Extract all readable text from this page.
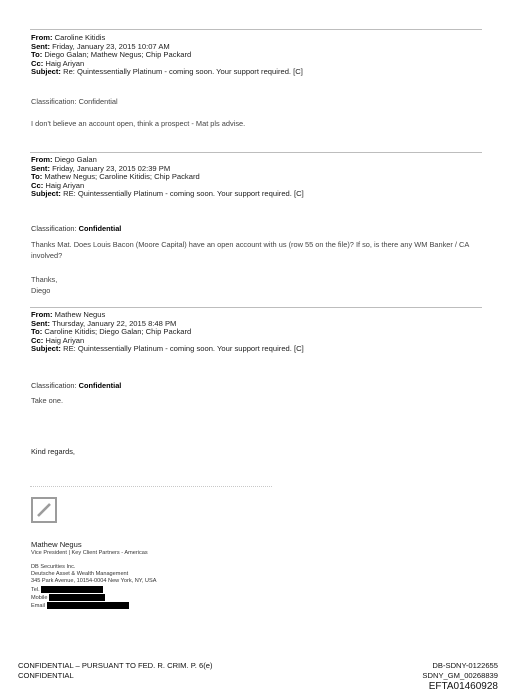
From: Caroline Kitidis
Sent: Friday, January 23, 2015 10:07 AM
To: Diego Galan; Mathew Negus; Chip Packard
Cc: Haig Ariyan
Subject: Re: Quintessentially Platinum - coming soon. Your support required. [C]
Classification: Confidential
I don't believe an account open, think a prospect - Mat pls advise.
From: Diego Galan
Sent: Friday, January 23, 2015 02:39 PM
To: Mathew Negus; Caroline Kitidis; Chip Packard
Cc: Haig Ariyan
Subject: RE: Quintessentially Platinum - coming soon. Your support required. [C]
Classification: Confidential
Thanks Mat. Does Louis Bacon (Moore Capital) have an open account with us (row 55 on the file)? If so, is there any WM Banker / CA involved?
Thanks,
Diego
From: Mathew Negus
Sent: Thursday, January 22, 2015 8:48 PM
To: Caroline Kitidis; Diego Galan; Chip Packard
Cc: Haig Ariyan
Subject: RE: Quintessentially Platinum - coming soon. Your support required. [C]
Classification: Confidential
Take one.
Kind regards,
Mathew Negus
Vice President | Key Client Partners - Americas
DB Securities Inc.
Deutsche Asset & Wealth Management
345 Park Avenue, 10154-0004 New York, NY, USA
Tel.
Mobile
Email
CONFIDENTIAL – PURSUANT TO FED. R. CRIM. P. 6(e)
CONFIDENTIAL
DB-SDNY-0122655
SDNY_GM_00268839
EFTA01460928
